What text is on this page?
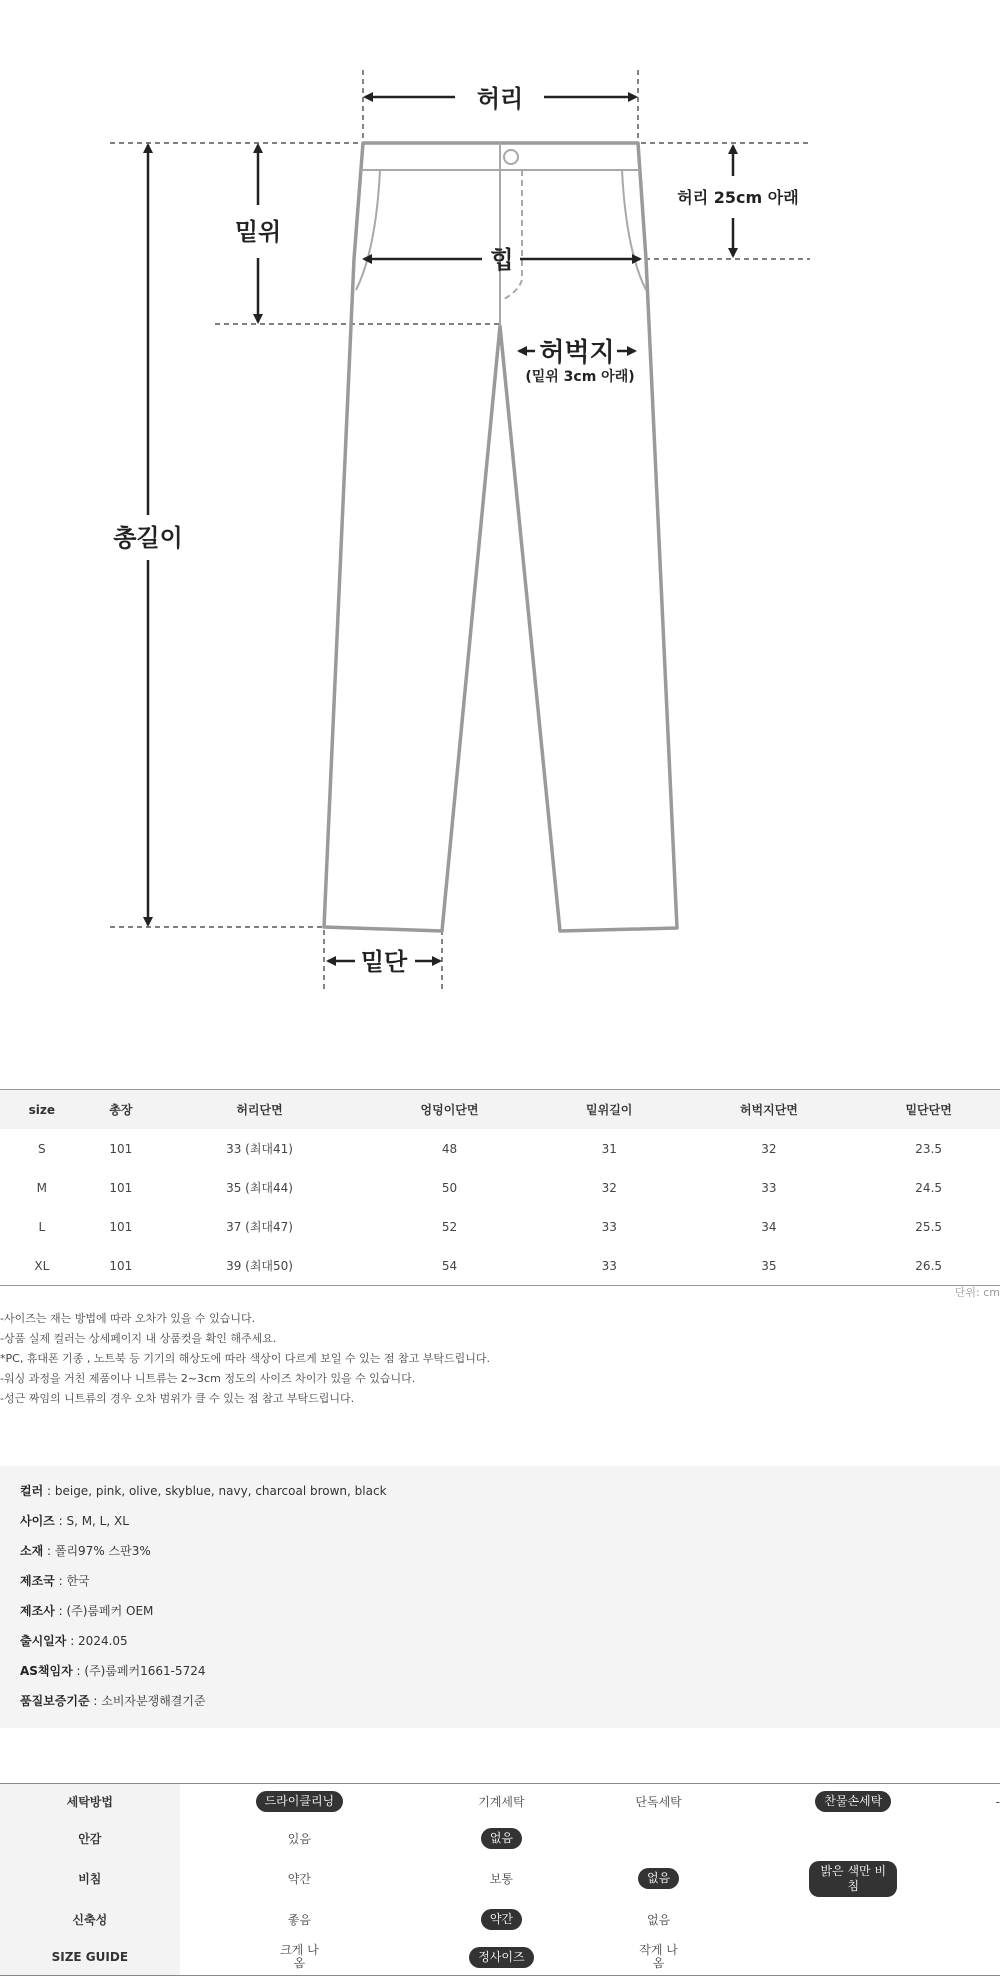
허리
밑위
힙
허리 25cm 아래
허벅지
(밑위 3cm 아래)
총길이
밑단
size	총장	허리단면	엉덩이단면	밑위길이	허벅지단면	밑단단면
S	101	33 (최대41)	48	31	32	23.5
M	101	35 (최대44)	50	32	33	24.5
L	101	37 (최대47)	52	33	34	25.5
XL	101	39 (최대50)	54	33	35	26.5
단위: cm
-사이즈는 재는 방법에 따라 오차가 있을 수 있습니다.
-상품 실제 컬러는 상세페이지 내 상품컷을 확인 해주세요.
*PC, 휴대폰 기종 , 노트북 등 기기의 해상도에 따라 색상이 다르게 보일 수 있는 점 참고 부탁드립니다.
-워싱 과정을 거친 제품이나 니트류는 2~3cm 정도의 사이즈 차이가 있을 수 있습니다.
-성근 짜임의 니트류의 경우 오차 범위가 클 수 있는 점 참고 부탁드립니다.
컬러 : beige, pink, olive, skyblue, navy, charcoal brown, black
사이즈 : S, M, L, XL
소재 : 폴리97% 스판3%
제조국 : 한국
제조사 : (주)룸페커 OEM
출시일자 : 2024.05
AS책임자 : (주)룸페커1661-5724
품질보증기준 : 소비자분쟁해결기준
세탁방법	드라이클리닝	기계세탁	단독세탁	찬물손세탁	-
안감	있음	없음			
비침	약간	보통	없음	밝은 색만 비침	
신축성	좋음	약간	없음		
SIZE GUIDE	크게 나옴	정사이즈	작게 나옴		
